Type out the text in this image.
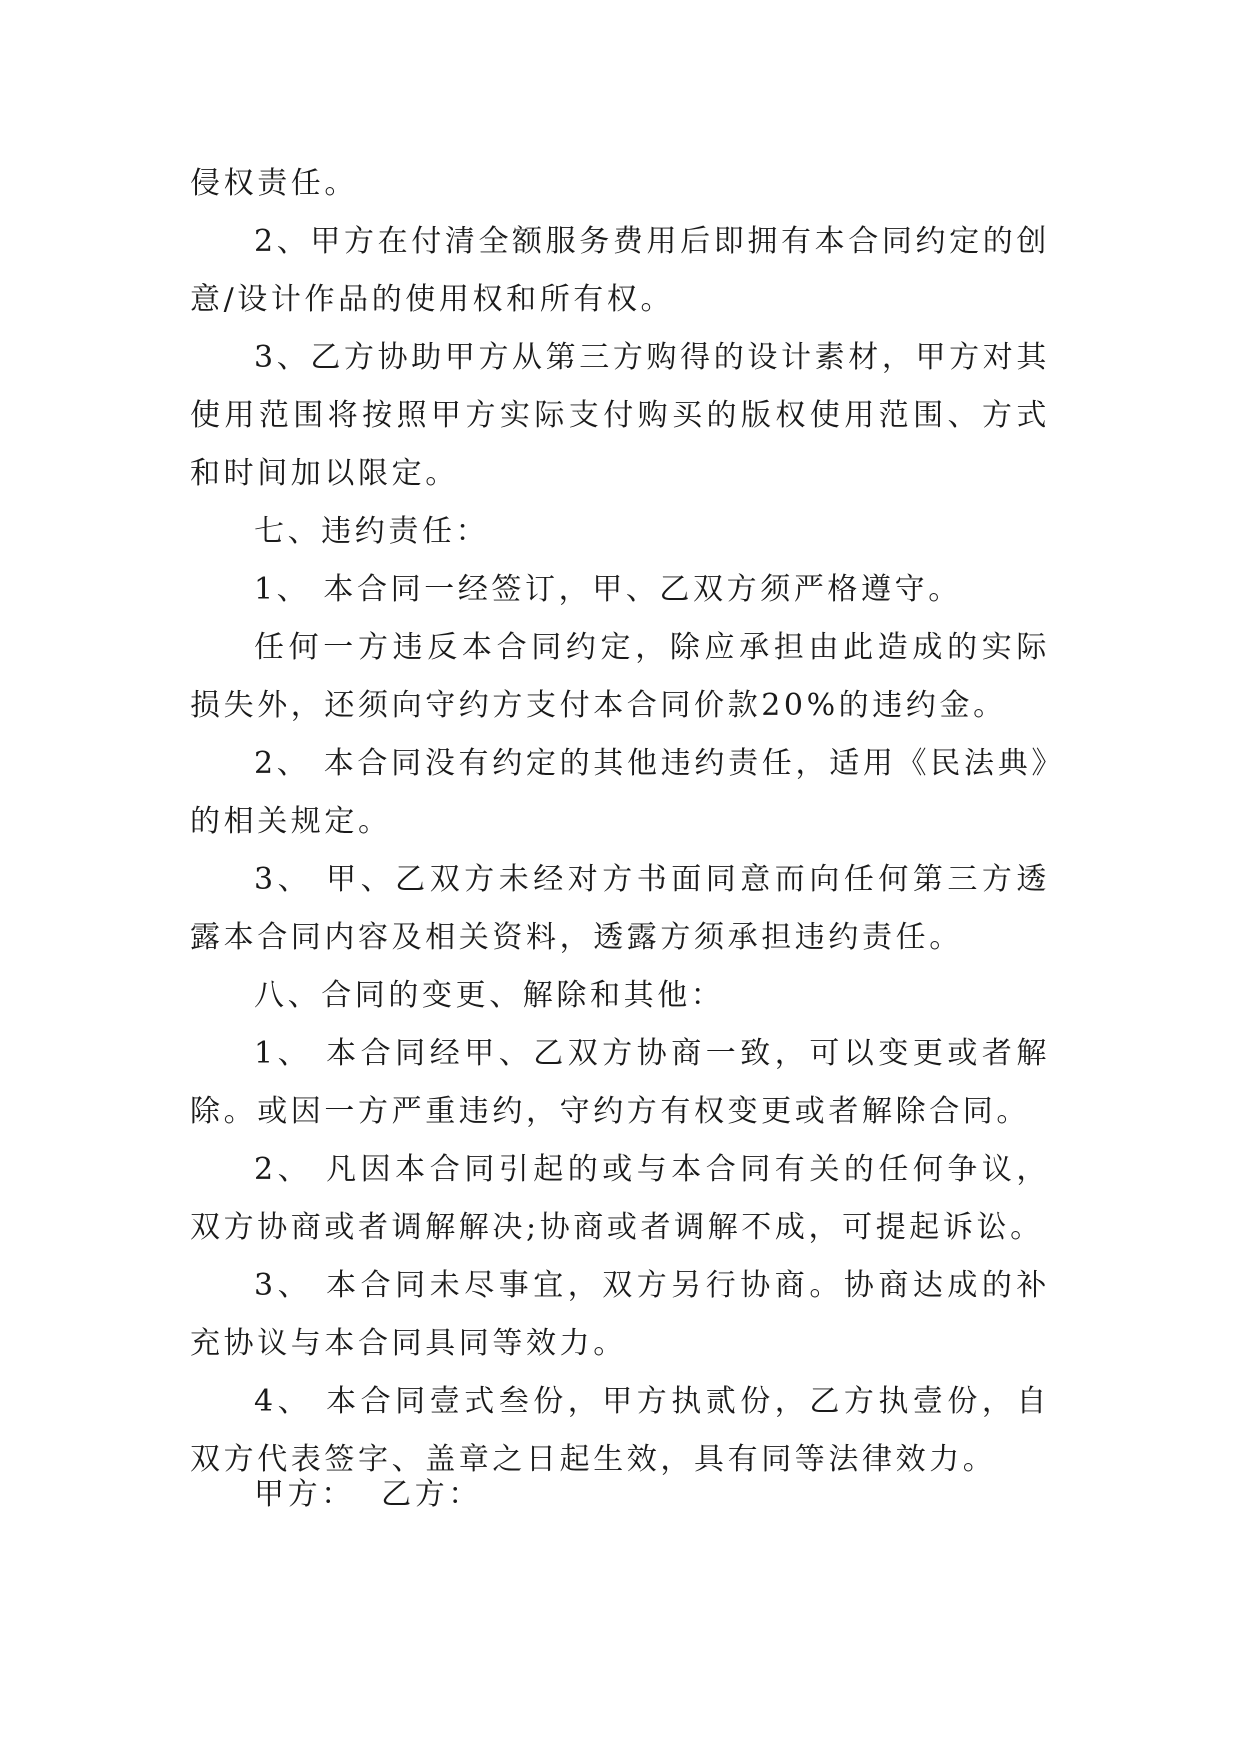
侵权责任。

2、甲方在付清全额服务费用后即拥有本合同约定的创意/设计作品的使用权和所有权。

3、乙方协助甲方从第三方购得的设计素材，甲方对其使用范围将按照甲方实际支付购买的版权使用范围、方式和时间加以限定。

七、违约责任：

1、 本合同一经签订，甲、乙双方须严格遵守。

任何一方违反本合同约定，除应承担由此造成的实际损失外，还须向守约方支付本合同价款20%的违约金。

2、 本合同没有约定的其他违约责任，适用《民法典》的相关规定。

3、 甲、乙双方未经对方书面同意而向任何第三方透露本合同内容及相关资料，透露方须承担违约责任。

八、合同的变更、解除和其他：

1、 本合同经甲、乙双方协商一致，可以变更或者解除。或因一方严重违约，守约方有权变更或者解除合同。

2、 凡因本合同引起的或与本合同有关的任何争议，双方协商或者调解解决;协商或者调解不成，可提起诉讼。

3、 本合同未尽事宜，双方另行协商。协商达成的补充协议与本合同具同等效力。

4、 本合同壹式叁份，甲方执贰份，乙方执壹份，自双方代表签字、盖章之日起生效，具有同等法律效力。

甲方： 乙方：
